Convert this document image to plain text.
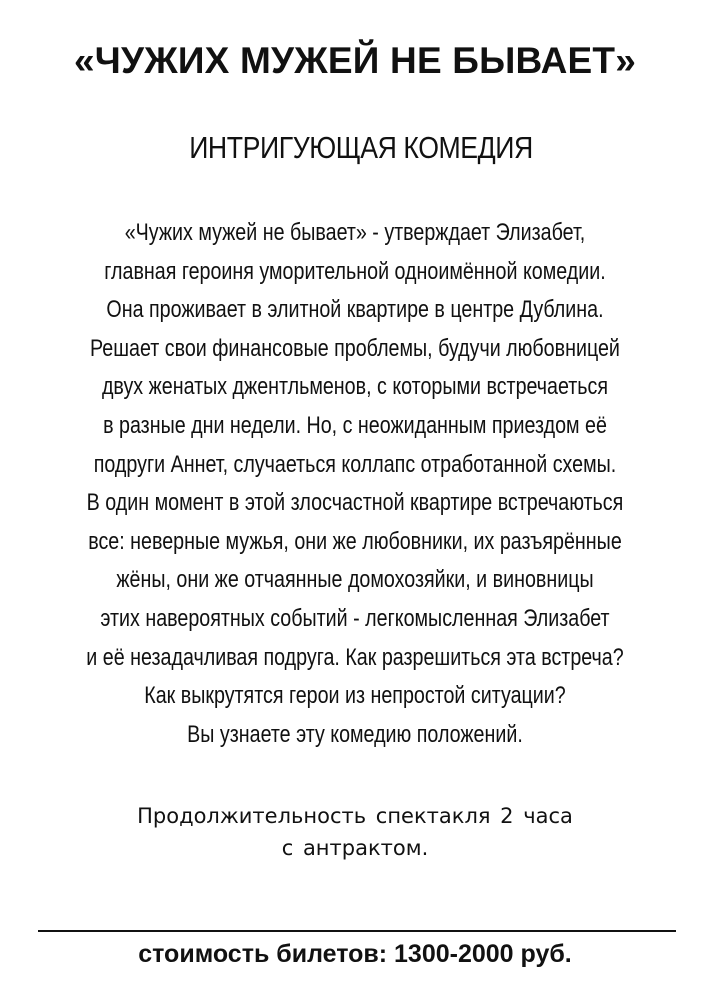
«ЧУЖИХ МУЖЕЙ НЕ БЫВАЕТ»
ИНТРИГУЮЩАЯ КОМЕДИЯ
«Чужих мужей не бывает» - утверждает Элизабет,
главная героиня уморительной одноимённой комедии.
Она проживает в элитной квартире в центре Дублина.
Решает свои финансовые проблемы, будучи любовницей
двух женатых джентльменов, с которыми встречаеться
в разные дни недели. Но, с неожиданным приездом её
подруги Аннет, случаеться коллапс отработанной схемы.
В один момент в этой злосчастной квартире встречаються
все: неверные мужья, они же любовники, их разъярённые
жёны, они же отчаянные домохозяйки, и виновницы
этих навероятных событий - легкомысленная Элизабет
и её незадачливая подруга. Как разрешиться эта встреча?
Как выкрутятся герои из непростой ситуации?
Вы узнаете эту комедию положений.
Продолжительность спектакля 2 часа
с антрактом.
стоимость билетов: 1300-2000 руб.
